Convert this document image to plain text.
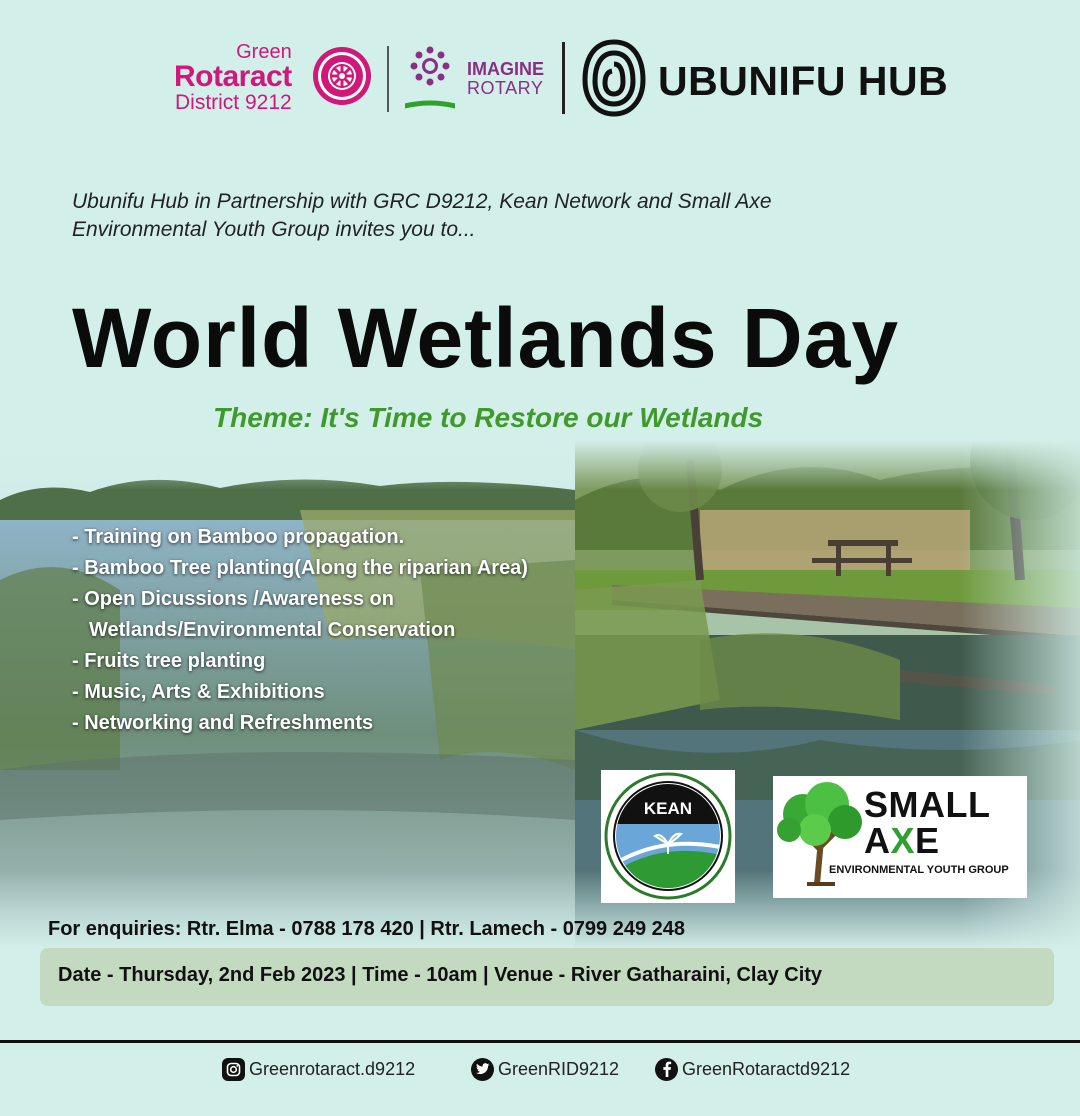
Green
Rotaract
District 9212
IMAGINE
ROTARY	UBUNIFU HUB
Ubunifu Hub in Partnership with GRC D9212, Kean Network and Small Axe Environmental Youth Group invites you to...
World Wetlands Day
Theme: It's Time to Restore our Wetlands
- Training on Bamboo propagation.
- Bamboo Tree planting(Along the riparian Area)
- Open Dicussions /Awareness on Wetlands/Environmental Conservation
- Fruits tree planting
- Music, Arts & Exhibitions
- Networking and Refreshments
KEAN	SMALL
AXE
ENVIRONMENTAL YOUTH GROUP
For enquiries: Rtr. Elma - 0788 178 420 | Rtr. Lamech - 0799 249 248
Date - Thursday, 2nd Feb 2023 | Time - 10am | Venue - River Gatharaini, Clay City
Greenrotaract.d9212	GreenRID9212	GreenRotaractd9212
